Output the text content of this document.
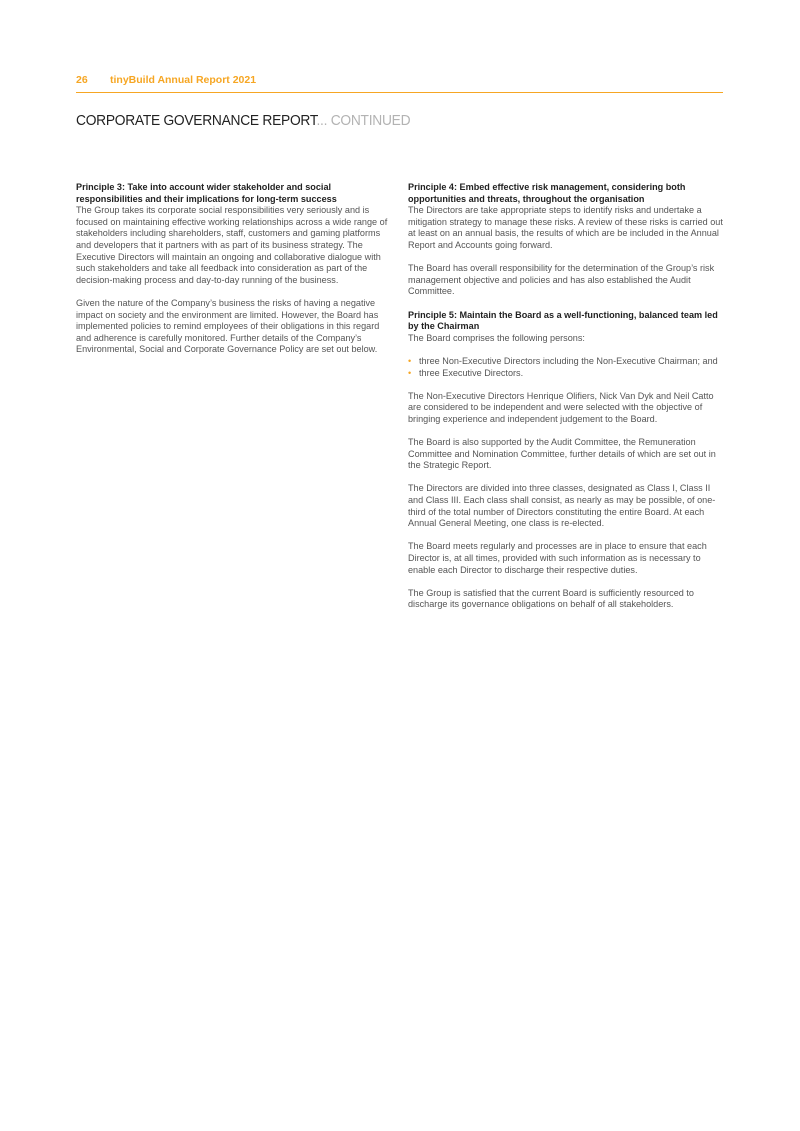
26 tinyBuild Annual Report 2021
CORPORATE GOVERNANCE REPORT... CONTINUED
Principle 3: Take into account wider stakeholder and social responsibilities and their implications for long-term success

The Group takes its corporate social responsibilities very seriously and is focused on maintaining effective working relationships across a wide range of stakeholders including shareholders, staff, customers and gaming platforms and developers that it partners with as part of its business strategy. The Executive Directors will maintain an ongoing and collaborative dialogue with such stakeholders and take all feedback into consideration as part of the decision-making process and day-to-day running of the business.

Given the nature of the Company’s business the risks of having a negative impact on society and the environment are limited. However, the Board has implemented policies to remind employees of their obligations in this regard and adherence is carefully monitored. Further details of the Company’s Environmental, Social and Corporate Governance Policy are set out below.

Principle 4: Embed effective risk management, considering both opportunities and threats, throughout the organisation

The Directors are take appropriate steps to identify risks and undertake a mitigation strategy to manage these risks. A review of these risks is carried out at least on an annual basis, the results of which are be included in the Annual Report and Accounts going forward.

The Board has overall responsibility for the determination of the Group’s risk management objective and policies and has also established the Audit Committee.

Principle 5: Maintain the Board as a well-functioning, balanced team led by the Chairman

The Board comprises the following persons:

• three Non-Executive Directors including the Non-Executive Chairman; and
• three Executive Directors.

The Non-Executive Directors Henrique Olifiers, Nick Van Dyk and Neil Catto are considered to be independent and were selected with the objective of bringing experience and independent judgement to the Board.

The Board is also supported by the Audit Committee, the Remuneration Committee and Nomination Committee, further details of which are set out in the Strategic Report.

The Directors are divided into three classes, designated as Class I, Class II and Class III. Each class shall consist, as nearly as may be possible, of one-third of the total number of Directors constituting the entire Board. At each Annual General Meeting, one class is re-elected.

The Board meets regularly and processes are in place to ensure that each Director is, at all times, provided with such information as is necessary to enable each Director to discharge their respective duties.

The Group is satisfied that the current Board is sufficiently resourced to discharge its governance obligations on behalf of all stakeholders.
